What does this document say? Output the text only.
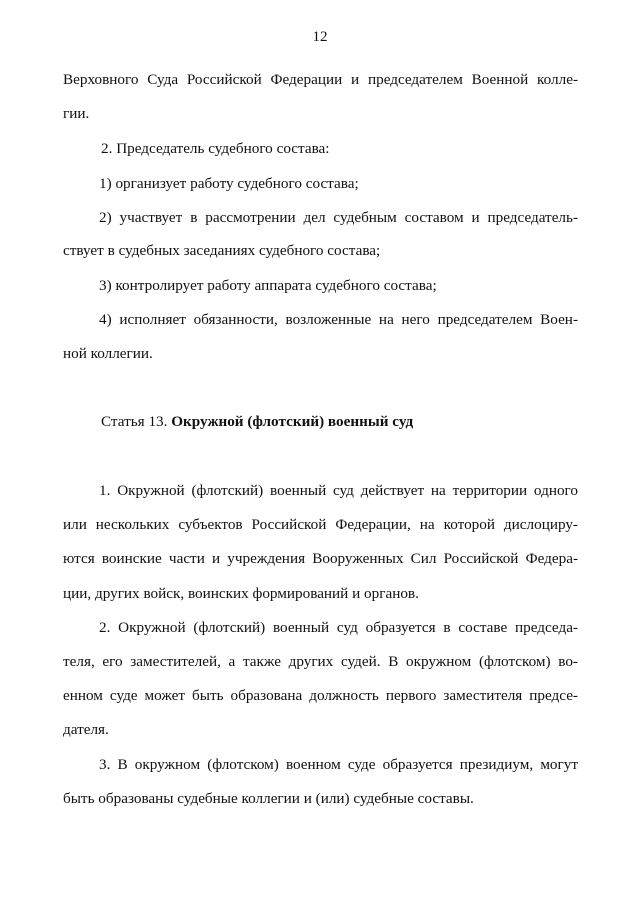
12
Верховного Суда Российской Федерации и председателем Военной колле-
гии.
2. Председатель судебного состава:
1) организует работу судебного состава;
2) участвует в рассмотрении дел судебным составом и председатель-
ствует в судебных заседаниях судебного состава;
3) контролирует работу аппарата судебного состава;
4) исполняет обязанности, возложенные на него председателем Воен-
ной коллегии.
Статья 13. Окружной (флотский) военный суд
1. Окружной (флотский) военный суд действует на территории одного
или нескольких субъектов Российской Федерации, на которой дислоциру-
ются воинские части и учреждения Вооруженных Сил Российской Федера-
ции, других войск, воинских формирований и органов.
2. Окружной (флотский) военный суд образуется в составе председа-
теля, его заместителей, а также других судей. В окружном (флотском) во-
енном суде может быть образована должность первого заместителя предсе-
дателя.
3. В окружном (флотском) военном суде образуется президиум, могут
быть образованы судебные коллегии и (или) судебные составы.
